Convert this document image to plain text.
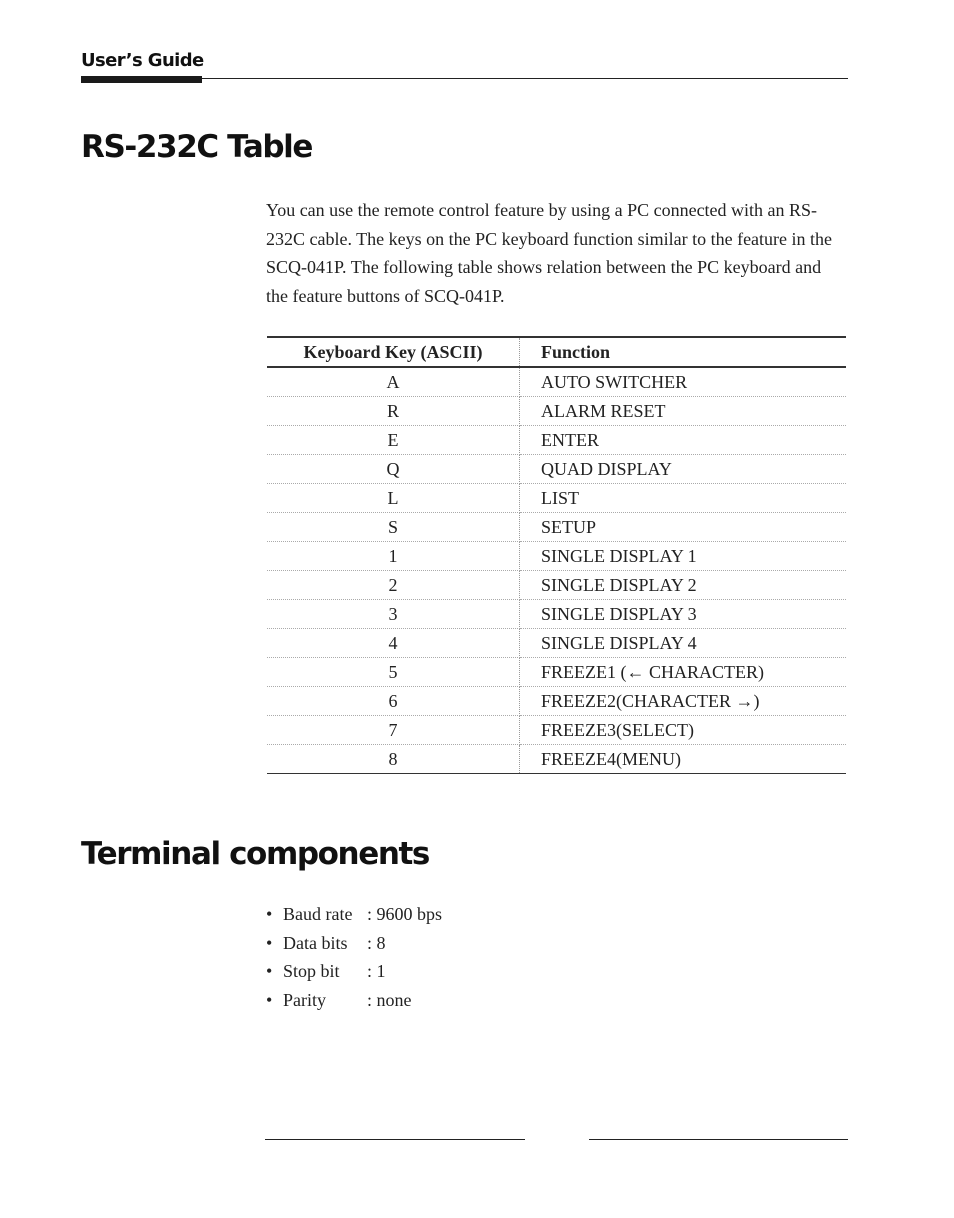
User’s Guide
RS-232C Table

You can use the remote control feature by using a PC connected with an RS-232C cable. The keys on the PC keyboard function similar to the feature in the SCQ-041P. The following table shows relation between the PC keyboard and the feature buttons of SCQ-041P.

Keyboard Key (ASCII)	Function
A	AUTO SWITCHER
R	ALARM RESET
E	ENTER
Q	QUAD DISPLAY
L	LIST
S	SETUP
1	SINGLE DISPLAY 1
2	SINGLE DISPLAY 2
3	SINGLE DISPLAY 3
4	SINGLE DISPLAY 4
5	FREEZE1 (← CHARACTER)
6	FREEZE2(CHARACTER →)
7	FREEZE3(SELECT)
8	FREEZE4(MENU)
Terminal components
• Baud rate : 9600 bps
• Data bits : 8
• Stop bit : 1
• Parity : none
